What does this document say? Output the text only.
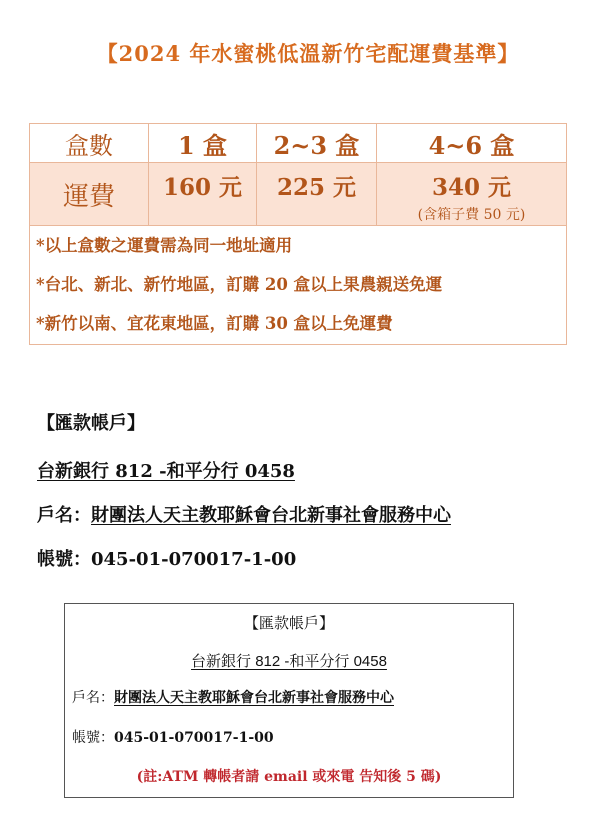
【2024 年水蜜桃低溫新竹宅配運費基準】
盒數	1 盒	2~3 盒	4~6 盒
運費	160 元	225 元	340 元
(含箱子費 50 元)

*以上盒數之運費需為同一地址適用
*台北、新北、新竹地區，訂購 20 盒以上果農親送免運
*新竹以南、宜花東地區，訂購 30 盒以上免運費			
【匯款帳戶】
台新銀行 812 -和平分行 0458
戶名：財團法人天主教耶穌會台北新事社會服務中心
帳號：045-01-070017-1-00
【匯款帳戶】
台新銀行 812 -和平分行 0458
戶名：財團法人天主教耶穌會台北新事社會服務中心
帳號：045-01-070017-1-00
(註:ATM 轉帳者請 email 或來電 告知後 5 碼)
